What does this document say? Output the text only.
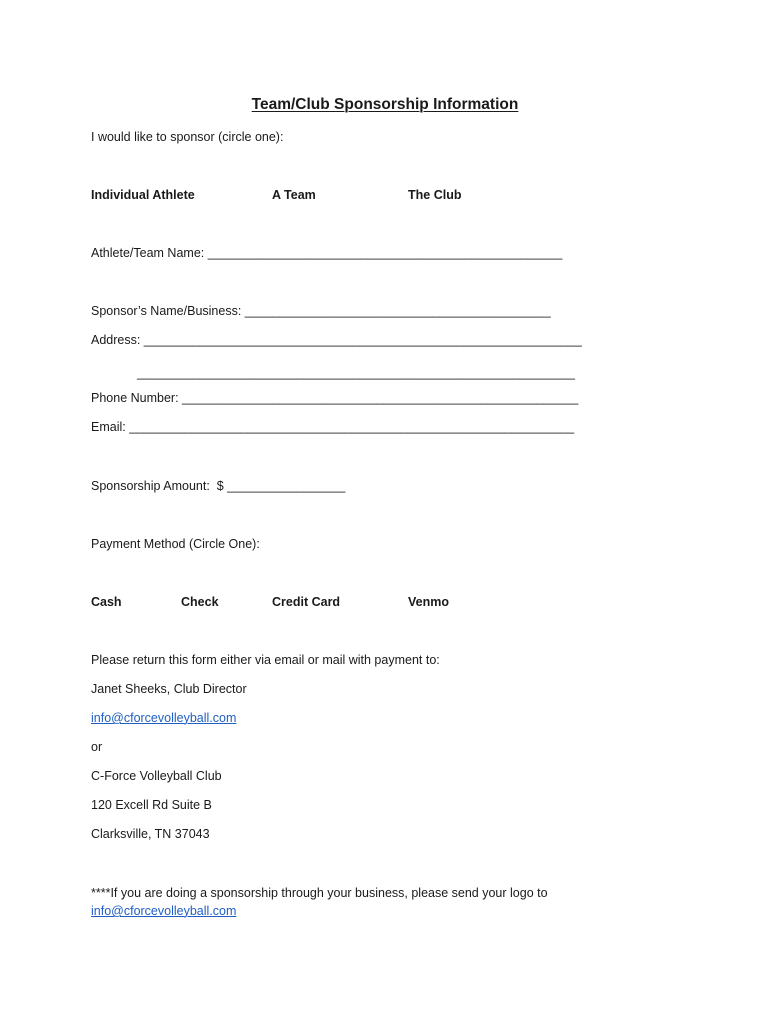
Team/Club Sponsorship Information
I would like to sponsor (circle one):
Individual Athlete	A Team	The Club
Athlete/Team Name: ___________________________________________________
Sponsor’s Name/Business: ____________________________________________
Address: _______________________________________________________________
_______________________________________________________________
Phone Number: _________________________________________________________
Email: ________________________________________________________________
Sponsorship Amount:  $ _________________
Payment Method (Circle One):
Cash	Check	Credit Card	Venmo
Please return this form either via email or mail with payment to:
Janet Sheeks, Club Director
info@cforcevolleyball.com
or
C-Force Volleyball Club
120 Excell Rd Suite B
Clarksville, TN 37043
****If you are doing a sponsorship through your business, please send your logo to
info@cforcevolleyball.com
